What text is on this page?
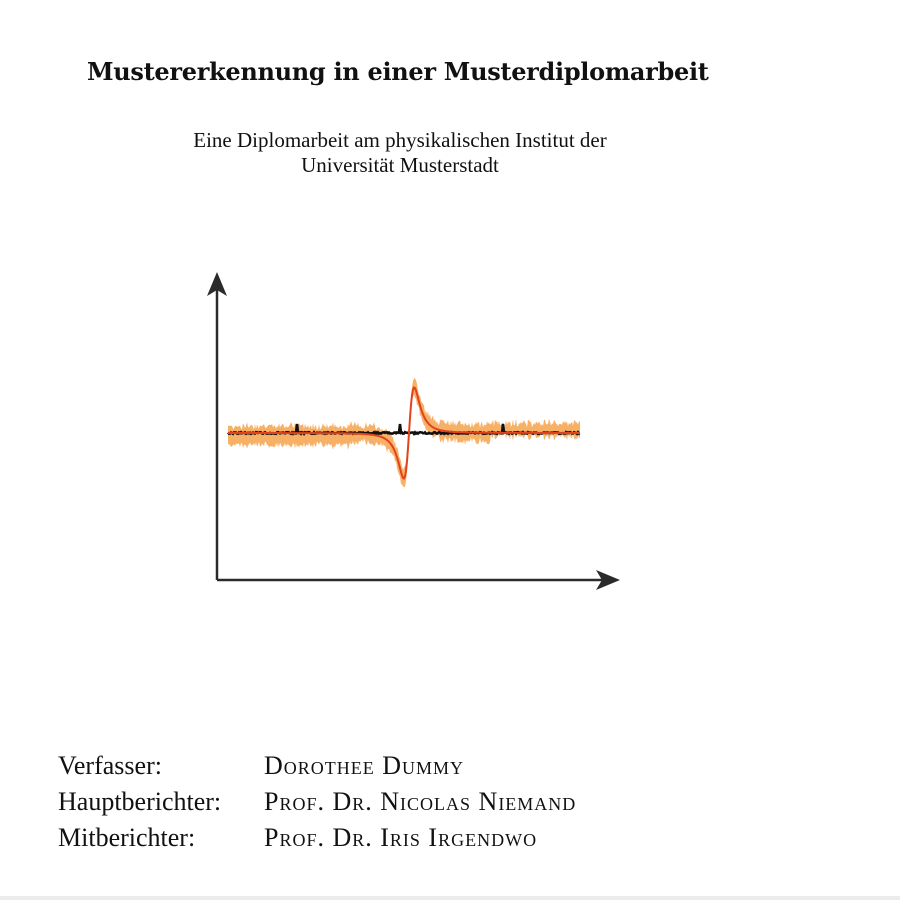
Mustererkennung in einer Musterdiplomarbeit
Eine Diplomarbeit am physikalischen Institut der
Universität Musterstadt
Verfasser:	Dorothee Dummy
Hauptberichter:	Prof. Dr. Nicolas Niemand
Mitberichter:	Prof. Dr. Iris Irgendwo
